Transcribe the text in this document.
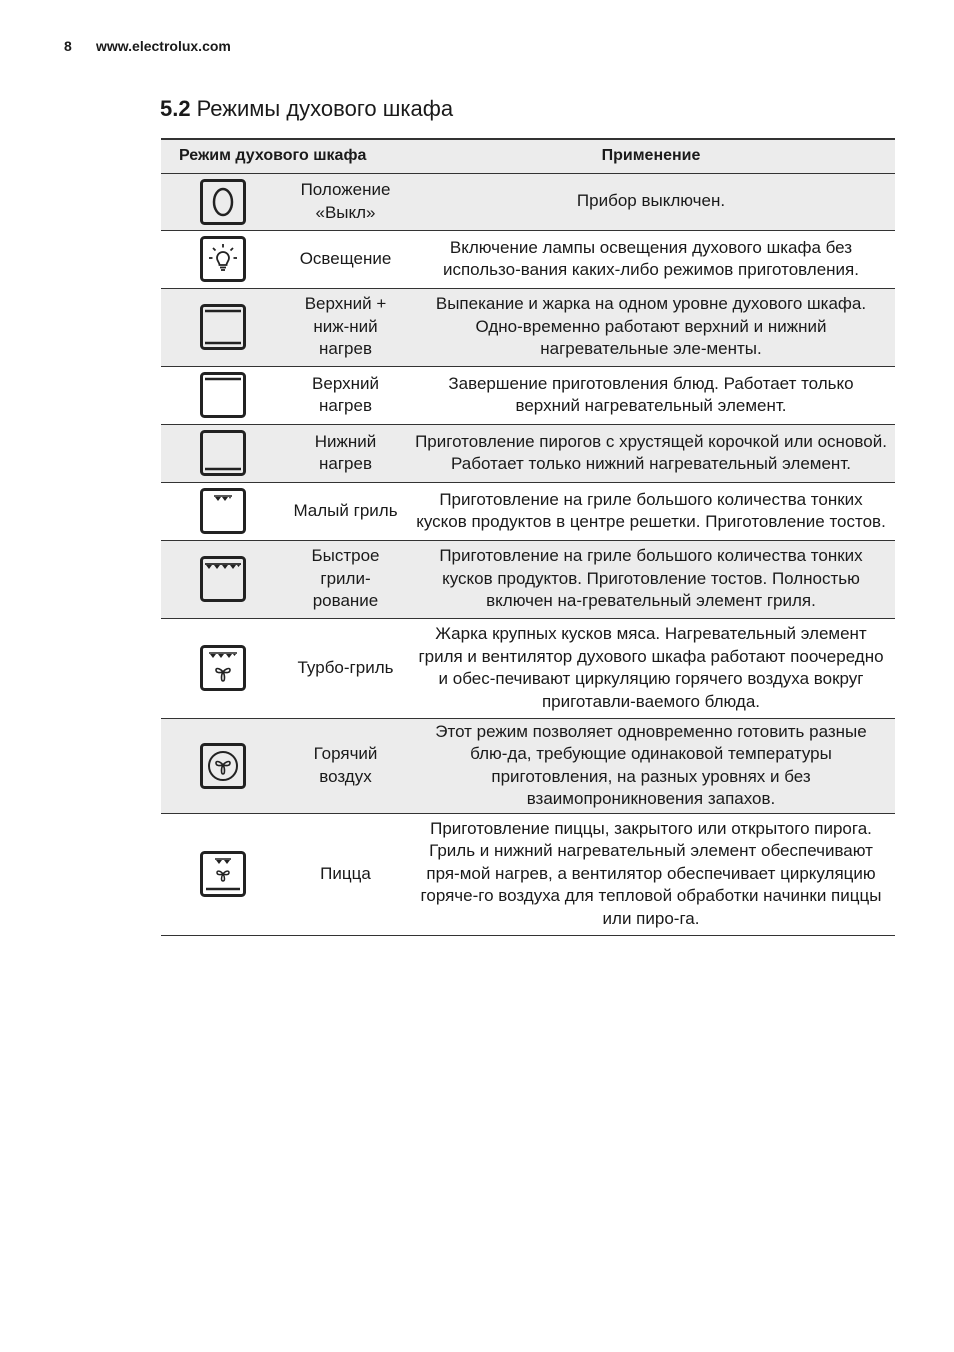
8 www.electrolux.com
5.2 Режимы духового шкафа
Режим духового шкафа		Применение

	Положение «Выкл»	Прибор выключен.

	Освещение	Включение лампы освещения духового шкафа без использо-вания каких-либо режимов приготовления.

	Верхний + ниж-ний нагрев	Выпекание и жарка на одном уровне духового шкафа. Одно-временно работают верхний и нижний нагревательные эле-менты.

	Верхний нагрев	Завершение приготовления блюд. Работает только верхний нагревательный элемент.

	Нижний нагрев	Приготовление пирогов с хрустящей корочкой или основой. Работает только нижний нагревательный элемент.

	Малый гриль	Приготовление на гриле большого количества тонких кусков продуктов в центре решетки. Приготовление тостов.

	Быстрое грили-рование	Приготовление на гриле большого количества тонких кусков продуктов. Приготовление тостов. Полностью включен на-гревательный элемент гриля.

	Турбо-гриль	Жарка крупных кусков мяса. Нагревательный элемент гриля и вентилятор духового шкафа работают поочередно и обес-печивают циркуляцию горячего воздуха вокруг приготавли-ваемого блюда.

	Горячий воздух	Этот режим позволяет одновременно готовить разные блю-да, требующие одинаковой температуры приготовления, на разных уровнях и без взаимопроникновения запахов.

	Пицца	Приготовление пиццы, закрытого или открытого пирога. Гриль и нижний нагревательный элемент обеспечивают пря-мой нагрев, а вентилятор обеспечивает циркуляцию горяче-го воздуха для тепловой обработки начинки пиццы или пиро-га.
